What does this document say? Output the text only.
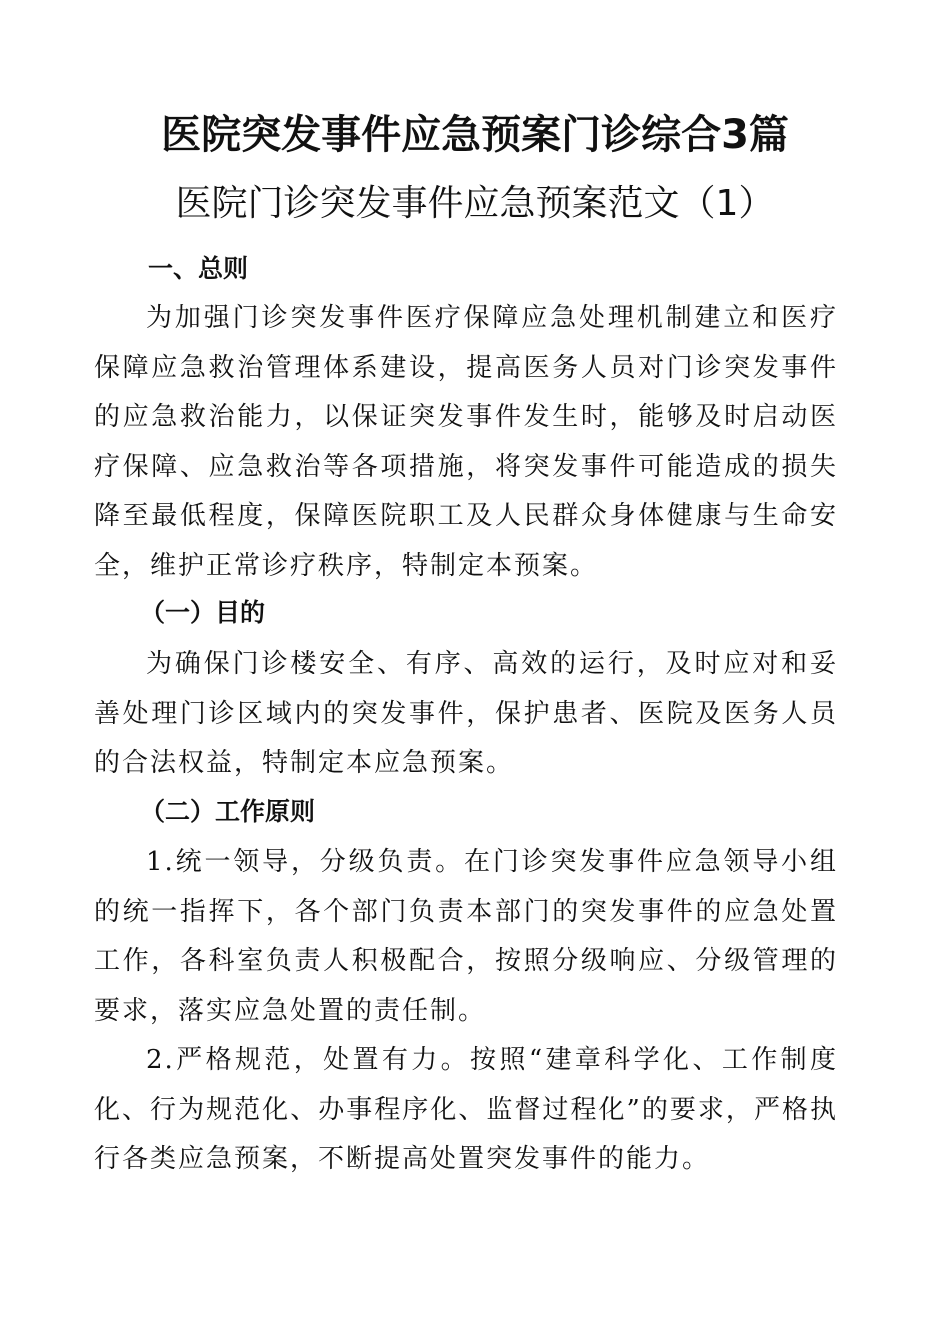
医院突发事件应急预案门诊综合3篇
医院门诊突发事件应急预案范文（1）
一、总则
为加强门诊突发事件医疗保障应急处理机制建立和医疗保障应急救治管理体系建设，提高医务人员对门诊突发事件的应急救治能力，以保证突发事件发生时，能够及时启动医疗保障、应急救治等各项措施，将突发事件可能造成的损失降至最低程度，保障医院职工及人民群众身体健康与生命安全，维护正常诊疗秩序，特制定本预案。
（一）目的
为确保门诊楼安全、有序、高效的运行，及时应对和妥善处理门诊区域内的突发事件，保护患者、医院及医务人员的合法权益，特制定本应急预案。
（二）工作原则
1.统一领导，分级负责。在门诊突发事件应急领导小组的统一指挥下，各个部门负责本部门的突发事件的应急处置工作，各科室负责人积极配合，按照分级响应、分级管理的要求，落实应急处置的责任制。
2.严格规范，处置有力。按照“建章科学化、工作制度化、行为规范化、办事程序化、监督过程化”的要求，严格执行各类应急预案，不断提高处置突发事件的能力。
